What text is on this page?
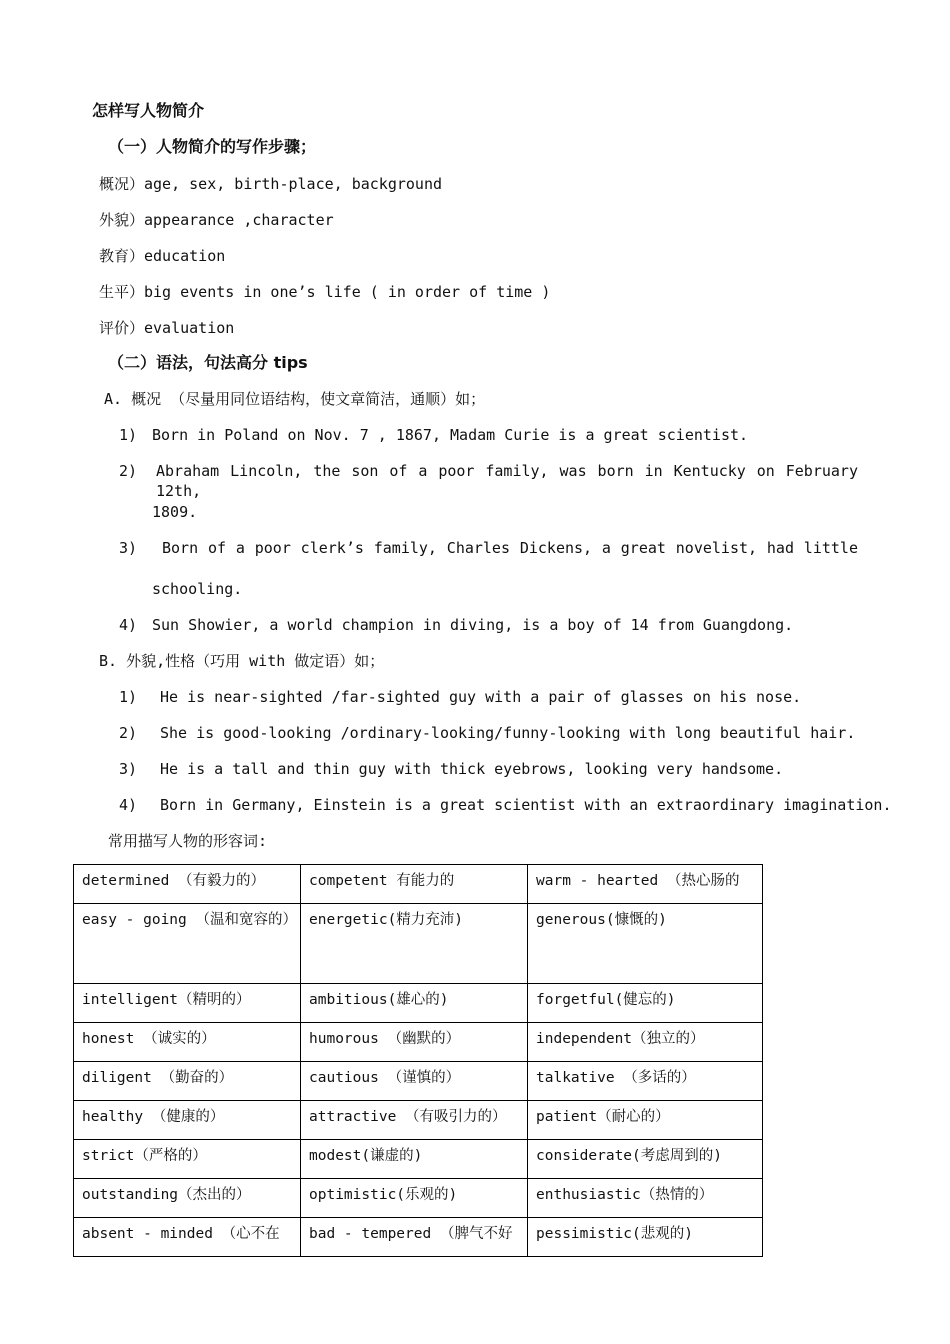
怎样写人物简介
（一）人物简介的写作步骤；
概况）age, sex, birth-place, background
外貌）appearance ,character
教育）education
生平）big events in one’s life ( in order of time )
评价）evaluation
（二）语法，句法高分 tips
A. 概况 （尽量用同位语结构，使文章简洁，通顺）如；
1) Born in Poland on Nov. 7 , 1867, Madam Curie is a great scientist.
2) Abraham Lincoln, the son of a poor family, was born in Kentucky on February 12th,
1809.
3) Born of a poor clerk’s family, Charles Dickens, a great novelist, had little
schooling.
4) Sun Showier, a world champion in diving, is a boy of 14 from Guangdong.
B. 外貌,性格（巧用 with 做定语）如；
1) He is near-sighted /far-sighted guy with a pair of glasses on his nose.
2) She is good-looking /ordinary-looking/funny-looking with long beautiful hair.
3) He is a tall and thin guy with thick eyebrows, looking very handsome.
4) Born in Germany, Einstein is a great scientist with an extraordinary imagination.
常用描写人物的形容词:
determined （有毅力的）	competent 有能力的	warm - hearted （热心肠的

easy - going （温和宽容的）	energetic(精力充沛)	generous(慷慨的)

intelligent（精明的）	ambitious(雄心的)	forgetful(健忘的)

honest （诚实的）	humorous （幽默的）	independent（独立的）

diligent （勤奋的）	cautious （谨慎的）	talkative （多话的）

healthy （健康的）	attractive （有吸引力的）	patient（耐心的）

strict（严格的）	modest(谦虚的)	considerate(考虑周到的)

outstanding（杰出的）	optimistic(乐观的)	enthusiastic（热情的）

absent - minded （心不在	bad - tempered （脾气不好	pessimistic(悲观的)
